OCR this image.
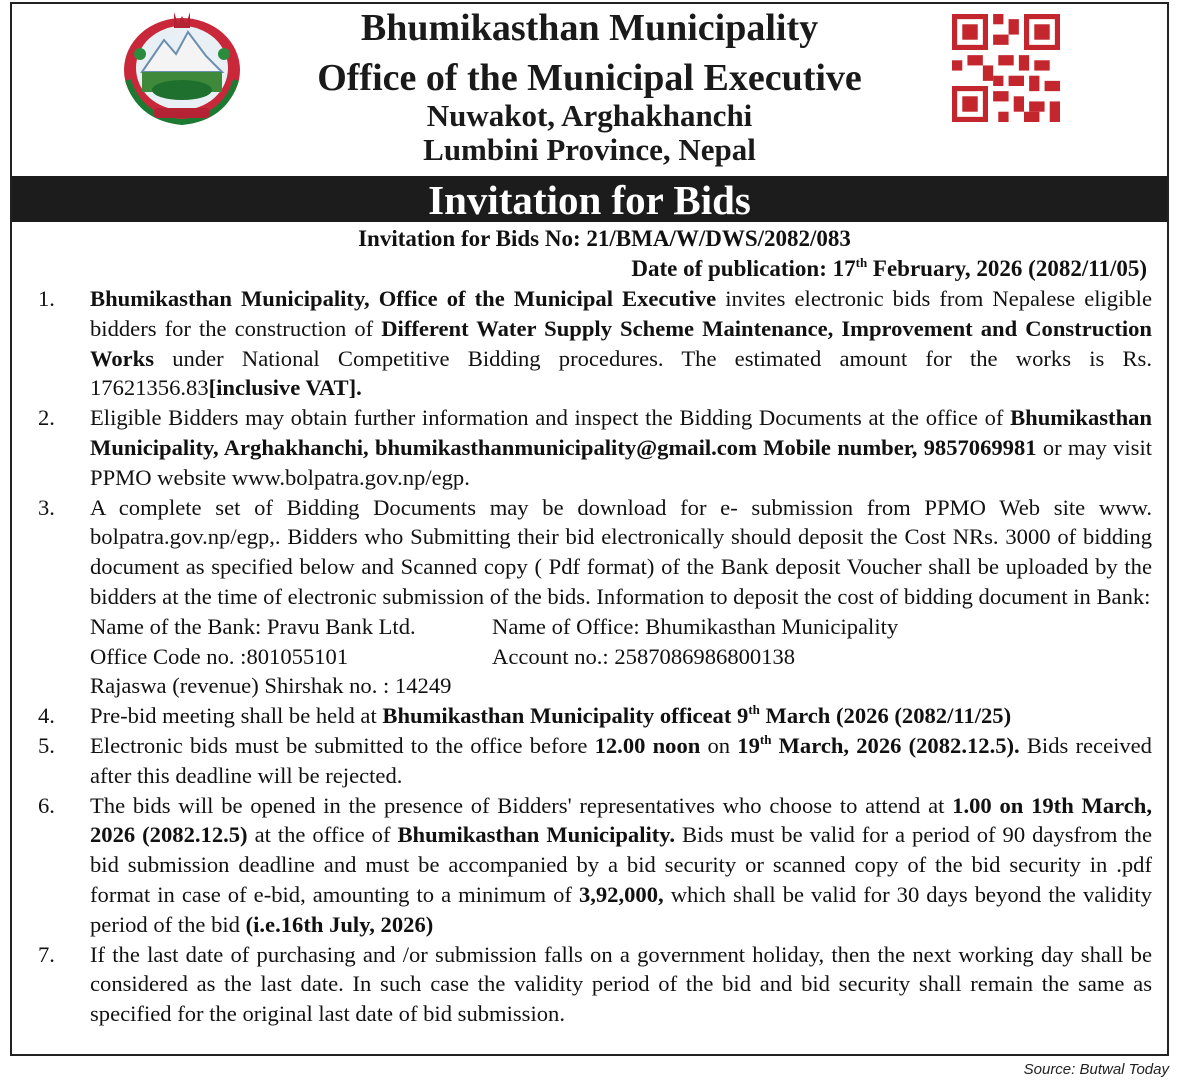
Bhumikasthan Municipality
Office of the Municipal Executive
Nuwakot, Arghakhanchi
Lumbini Province, Nepal
Invitation for Bids
Invitation for Bids No: 21/BMA/W/DWS/2082/083
Date of publication: 17th February, 2026 (2082/11/05)
1.	Bhumikasthan Municipality, Office of the Municipal Executive invites electronic bids from Nepalese eligible bidders for the construction of Different Water Supply Scheme Maintenance, Improvement and Construction Works under National Competitive Bidding procedures. The estimated amount for the works is Rs. 17621356.83[inclusive VAT].
2.	Eligible Bidders may obtain further information and inspect the Bidding Documents at the office of Bhumikasthan Municipality, Arghakhanchi, bhumikasthanmunicipality@gmail.com Mobile number, 9857069981 or may visit PPMO website www.bolpatra.gov.np/egp.
3.	A complete set of Bidding Documents may be download for e- submission from PPMO Web site www. bolpatra.gov.np/egp,. Bidders who Submitting their bid electronically should deposit the Cost NRs. 3000 of bidding document as specified below and Scanned copy ( Pdf format) of the Bank deposit Voucher shall be uploaded by the bidders at the time of electronic submission of the bids. Information to deposit the cost of bidding document in Bank:
Name of the Bank: Pravu Bank Ltd.	Name of Office: Bhumikasthan Municipality
Office Code no. :801055101	Account no.: 2587086986800138
Rajaswa (revenue) Shirshak no. : 14249
4.	Pre-bid meeting shall be held at Bhumikasthan Municipality officeat 9th March (2026 (2082/11/25)
5.	Electronic bids must be submitted to the office before 12.00 noon on 19th March, 2026 (2082.12.5). Bids received after this deadline will be rejected.
6.	The bids will be opened in the presence of Bidders' representatives who choose to attend at 1.00 on 19th March, 2026 (2082.12.5) at the office of Bhumikasthan Municipality. Bids must be valid for a period of 90 daysfrom the bid submission deadline and must be accompanied by a bid security or scanned copy of the bid security in .pdf format in case of e-bid, amounting to a minimum of 3,92,000, which shall be valid for 30 days beyond the validity period of the bid (i.e.16th July, 2026)
7.	If the last date of purchasing and /or submission falls on a government holiday, then the next working day shall be considered as the last date. In such case the validity period of the bid and bid security shall remain the same as specified for the original last date of bid submission.
Source: Butwal Today
